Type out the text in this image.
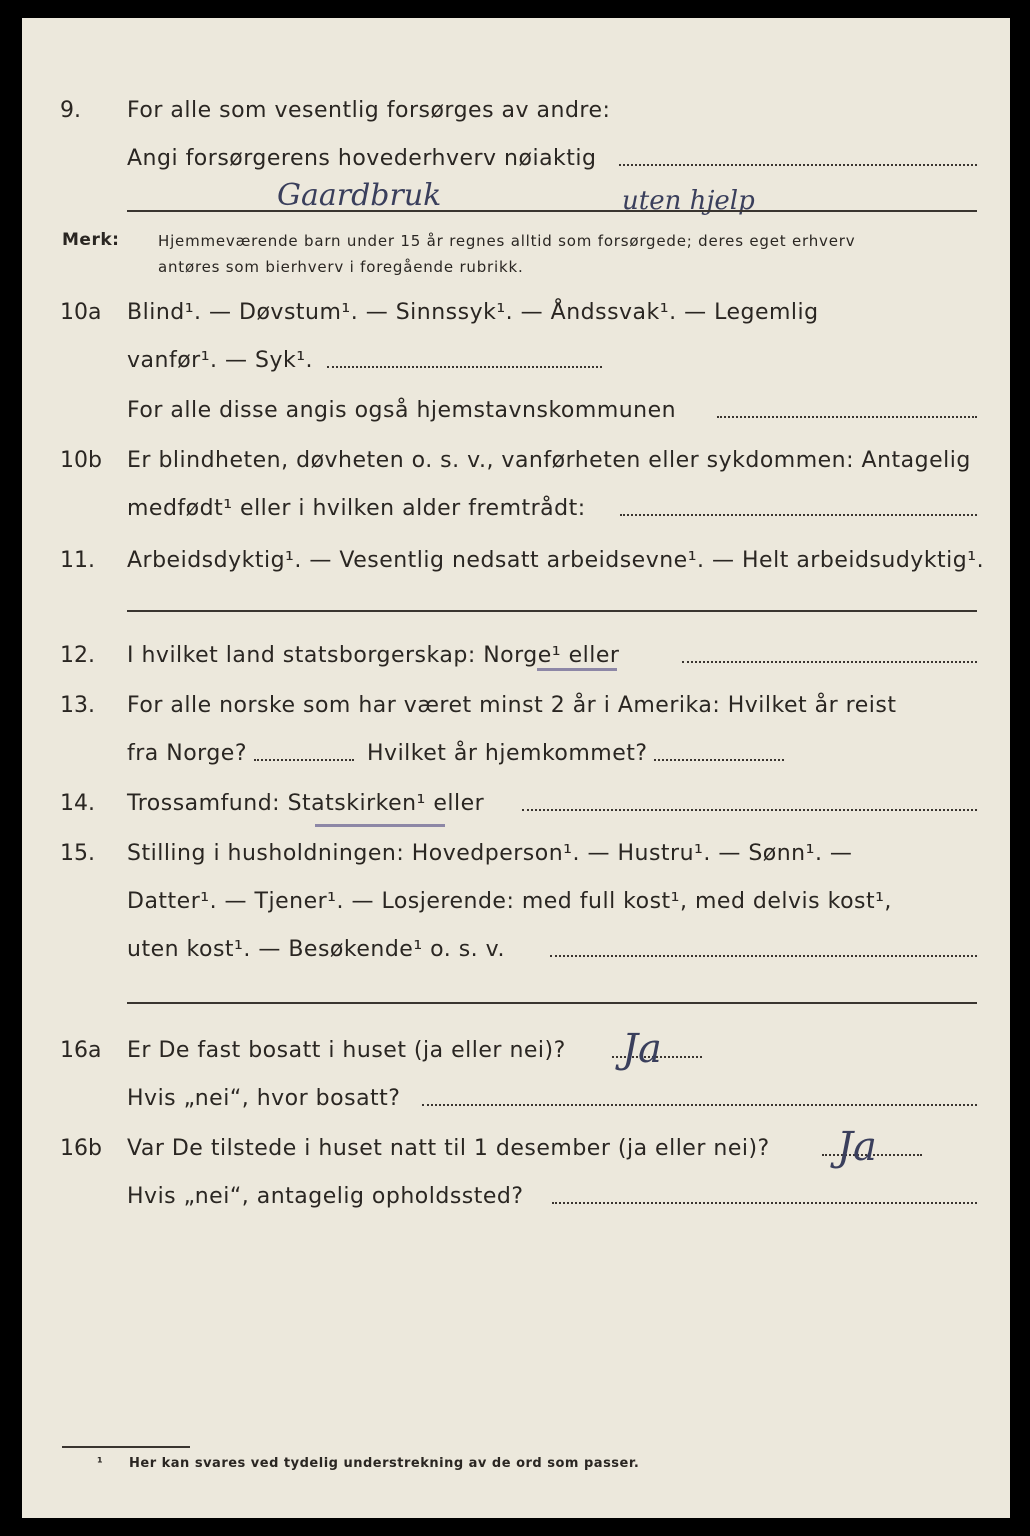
9. For alle som vesentlig forsørges av andre:
Angi forsørgerens hovederhverv nøiaktig
Gaardbruk	uten hjelp
Merk:	Hjemmeværende barn under 15 år regnes alltid som forsørgede; deres eget erhverv
antøres som bierhverv i foregående rubrikk.
10a Blind¹. — Døvstum¹. — Sinnssyk¹. — Åndssvak¹. — Legemlig
vanfør¹. — Syk¹.
For alle disse angis også hjemstavnskommunen
10b Er blindheten, døvheten o. s. v., vanførheten eller sykdommen: Antagelig
medfødt¹ eller i hvilken alder fremtrådt:
11. Arbeidsdyktig¹. — Vesentlig nedsatt arbeidsevne¹. — Helt arbeidsudyktig¹.
12. I hvilket land statsborgerskap: Norge¹ eller
13. For alle norske som har været minst 2 år i Amerika: Hvilket år reist
fra Norge?	Hvilket år hjemkommet?
14. Trossamfund: Statskirken¹ eller
15. Stilling i husholdningen: Hovedperson¹. — Hustru¹. — Sønn¹. —
Datter¹. — Tjener¹. — Losjerende: med full kost¹, med delvis kost¹,
uten kost¹. — Besøkende¹ o. s. v.
16a Er De fast bosatt i huset (ja eller nei)? Ja
Hvis „nei“, hvor bosatt?
16b Var De tilstede i huset natt til 1 desember (ja eller nei)? Ja
Hvis „nei“, antagelig opholdssted?
¹ Her kan svares ved tydelig understrekning av de ord som passer.
